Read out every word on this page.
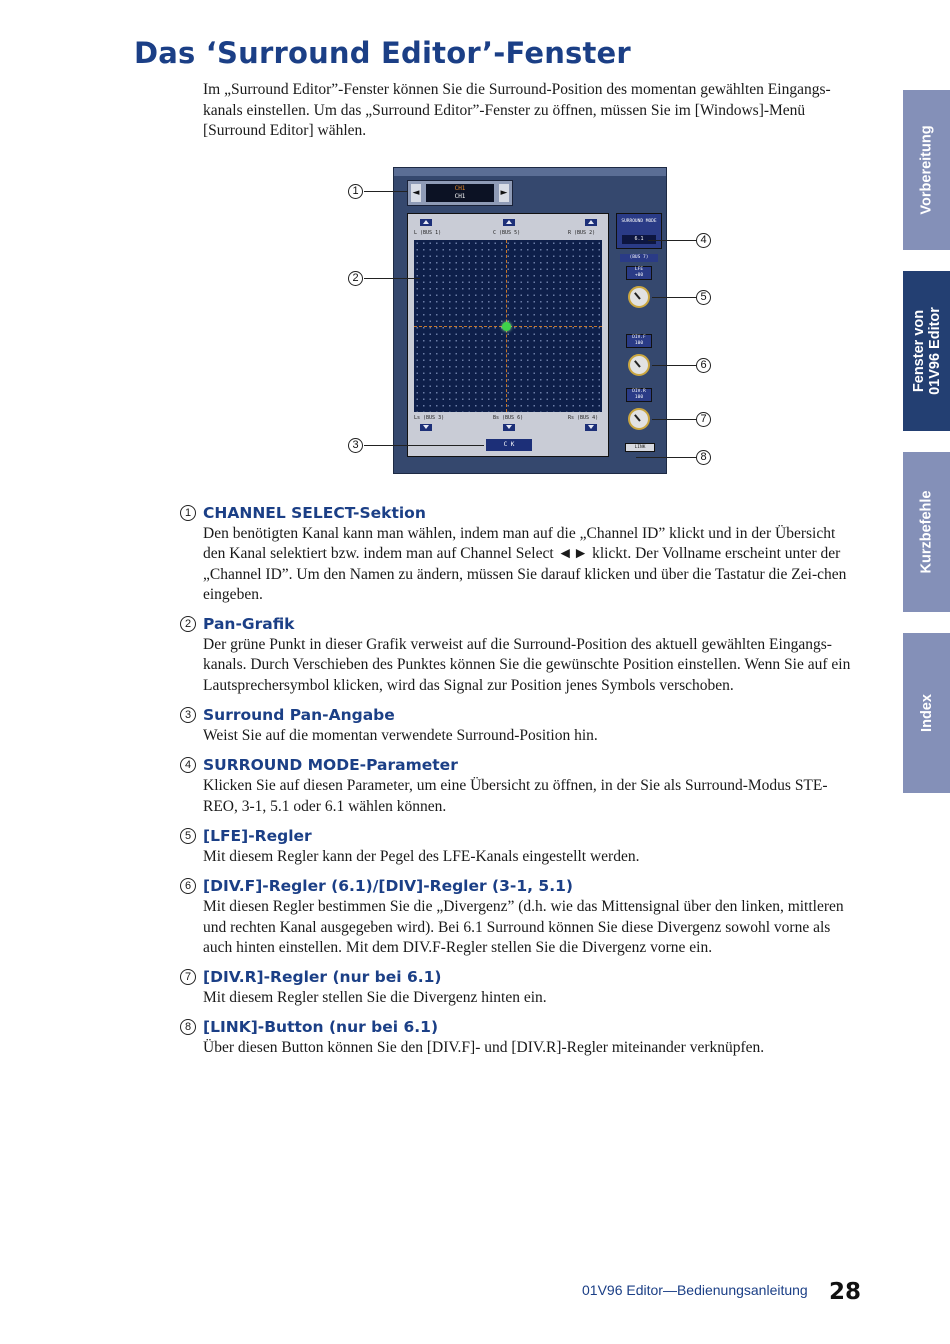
Das ‘Surround Editor’-Fenster

Im „Surround Editor”-Fenster können Sie die Surround-Position des momentan gewählten Eingangs-kanals einstellen. Um das „Surround Editor”-Fenster zu öffnen, müssen Sie im [Windows]-Menü [Surround Editor] wählen.	Vorbereitung
Fenster von
01V96 Editor
Kurzbefehle
Index
◄	CH1
CH1	►
L (BUS 1)	C (BUS 5)	R (BUS 2)
Ls (BUS 3)	Bs (BUS 6)	Rs (BUS 4)
C K
SURROUND MODE
6.1
(BUS 7)
LFE
+00
DIV.F
100
DIV.R
100
LINK
1
2
3
4
5
6
7
8
1 CHANNEL SELECT-Sektion

Den benötigten Kanal kann man wählen, indem man auf die „Channel ID” klickt und in der Übersicht den Kanal selektiert bzw. indem man auf Channel Select ◄► klickt. Der Vollname erscheint unter der „Channel ID”. Um den Namen zu ändern, müssen Sie darauf klicken und über die Tastatur die Zei-chen eingeben.

2 Pan-Grafik

Der grüne Punkt in dieser Grafik verweist auf die Surround-Position des aktuell gewählten Eingangs-kanals. Durch Verschieben des Punktes können Sie die gewünschte Position einstellen. Wenn Sie auf ein Lautsprechersymbol klicken, wird das Signal zur Position jenes Symbols verschoben.

3 Surround Pan-Angabe

Weist Sie auf die momentan verwendete Surround-Position hin.

4 SURROUND MODE-Parameter

Klicken Sie auf diesen Parameter, um eine Übersicht zu öffnen, in der Sie als Surround-Modus STE-REO, 3-1, 5.1 oder 6.1 wählen können.

5 [LFE]-Regler

Mit diesem Regler kann der Pegel des LFE-Kanals eingestellt werden.

6 [DIV.F]-Regler (6.1)/[DIV]-Regler (3-1, 5.1)

Mit diesen Regler bestimmen Sie die „Divergenz” (d.h. wie das Mittensignal über den linken, mittleren und rechten Kanal ausgegeben wird). Bei 6.1 Surround können Sie diese Divergenz sowohl vorne als auch hinten einstellen. Mit dem DIV.F-Regler stellen Sie die Divergenz vorne ein.

7 [DIV.R]-Regler (nur bei 6.1)

Mit diesem Regler stellen Sie die Divergenz hinten ein.

8 [LINK]-Button (nur bei 6.1)

Über diesen Button können Sie den [DIV.F]- und [DIV.R]-Regler miteinander verknüpfen.

01V96 Editor—Bedienungsanleitung 28
